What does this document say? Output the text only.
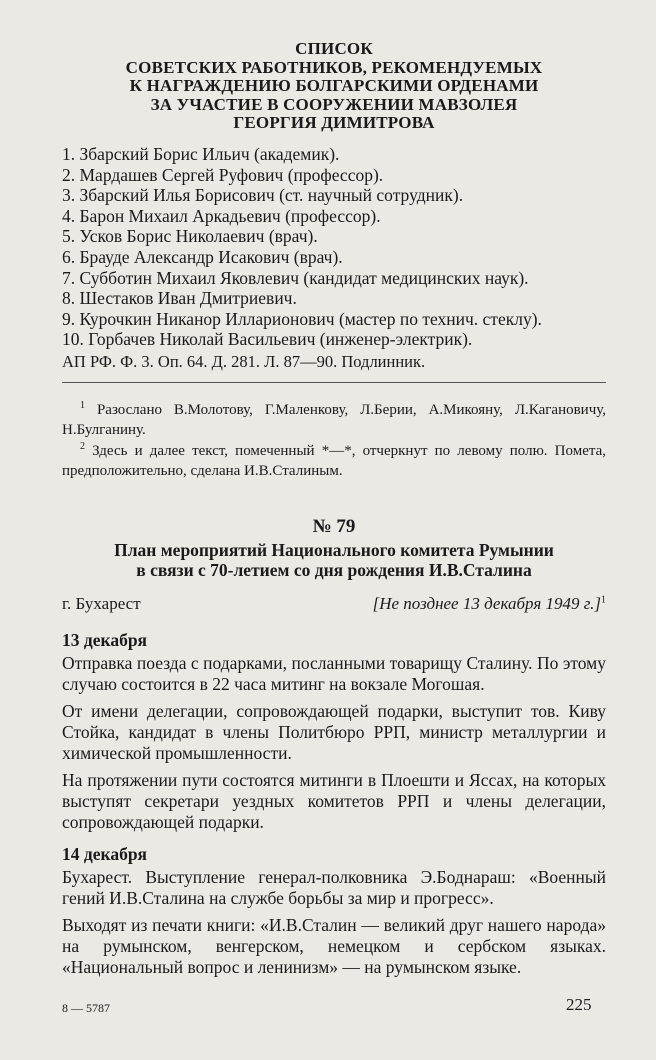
СПИСОК
СОВЕТСКИХ РАБОТНИКОВ, РЕКОМЕНДУЕМЫХ
К НАГРАЖДЕНИЮ БОЛГАРСКИМИ ОРДЕНАМИ
ЗА УЧАСТИЕ В СООРУЖЕНИИ МАВЗОЛЕЯ
ГЕОРГИЯ ДИМИТРОВА
1. Збарский Борис Ильич (академик).
2. Мардашев Сергей Руфович (профессор).
3. Збарский Илья Борисович (ст. научный сотрудник).
4. Барон Михаил Аркадьевич (профессор).
5. Усков Борис Николаевич (врач).
6. Брауде Александр Исакович (врач).
7. Субботин Михаил Яковлевич (кандидат медицинских наук).
8. Шестаков Иван Дмитриевич.
9. Курочкин Никанор Илларионович (мастер по технич. стеклу).
10. Горбачев Николай Васильевич (инженер-электрик).
АП РФ. Ф. 3. Оп. 64. Д. 281. Л. 87—90. Подлинник.

$^1$ Разослано В.Молотову, Г.Маленкову, Л.Берии, А.Микояну, Л.Кагановичу, Н.Булганину.

$^2$ Здесь и далее текст, помеченный *—*, отчеркнут по левому полю. Помета, предположительно, сделана И.В.Сталиным.

№ 79
План мероприятий Национального комитета Румынии
в связи с 70-летием со дня рождения И.В.Сталина
г. Бухарест	[Не позднее 13 декабря 1949 г.]$^1$
13 декабря

Отправка поезда с подарками, посланными товарищу Сталину. По этому случаю состоится в 22 часа митинг на вокзале Могошая.

От имени делегации, сопровождающей подарки, выступит тов. Киву Стойка, кандидат в члены Политбюро РРП, министр металлургии и химической промышленности.

На протяжении пути состоятся митинги в Плоешти и Яссах, на которых выступят секретари уездных комитетов РРП и члены делегации, сопровождающей подарки.

14 декабря

Бухарест. Выступление генерал-полковника Э.Боднараш: «Военный гений И.В.Сталина на службе борьбы за мир и прогресс».

Выходят из печати книги: «И.В.Сталин — великий друг нашего народа» на румынском, венгерском, немецком и сербском языках. «Национальный вопрос и ленинизм» — на румынском языке.

8 — 5787	225
